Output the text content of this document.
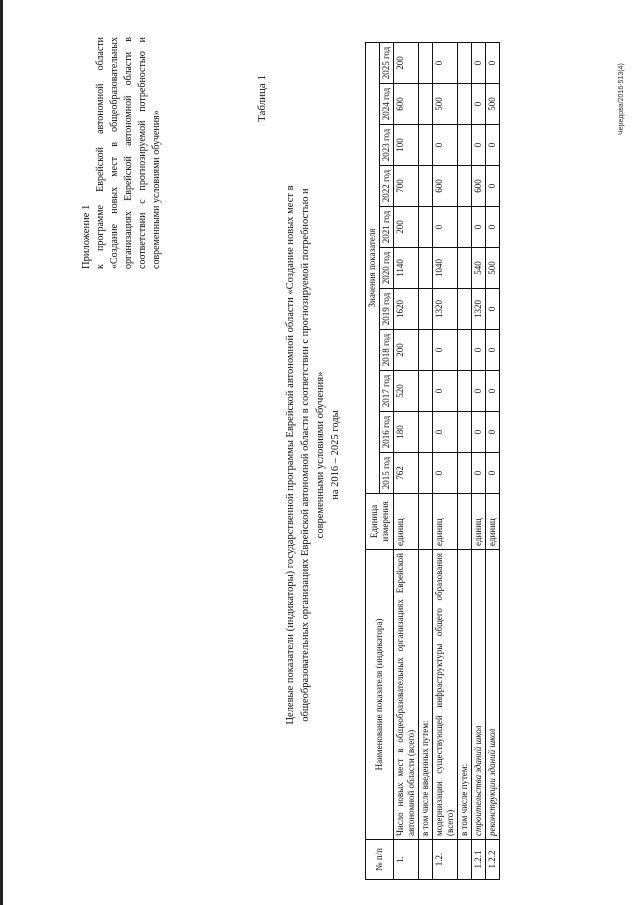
Приложение 1 к программе Еврейской автономной области «Создание новых мест в общеобразовательных организациях Еврейской автономной области в соответствии с прогнозируемой потребностью и современными условиями обучения»
Таблица 1
Целевые показатели (индикаторы) государственной программы Еврейской автономной области «Создание новых мест в общеобразовательных организациях Еврейской автономной области в соответствии с прогнозируемой потребностью и современными условиями обучения» на 2016 – 2025 годы
№ п/п	Наименование показателя (индикатора)	Единица измерения	Значения показателя										
			2015 год	2016 год	2017 год	2018 год	2019 год	2020 год	2021 год	2022 год	2023 год	2024 год	2025 год
1.	Число новых мест в общеобразовательных организациях Еврейской автономной области (всего)	единиц	762	180	520	200	1620	1140	200	700	100	600	200
	в том числе введенных путем:												
1.2.	модернизации существующей инфраструктуры общего образования (всего)	единиц	0	0	0	0	1320	1040	0	600	0	500	0
	в том числе путем:												
1.2.1	строительства зданий школ	единиц	0	0	0	0	1320	540	0	600	0	0	0
1.2.2	реконструкции зданий школ	единиц	0	0	0	0	0	500	0	0	0	500	0
Чередова/2016-513(4)
